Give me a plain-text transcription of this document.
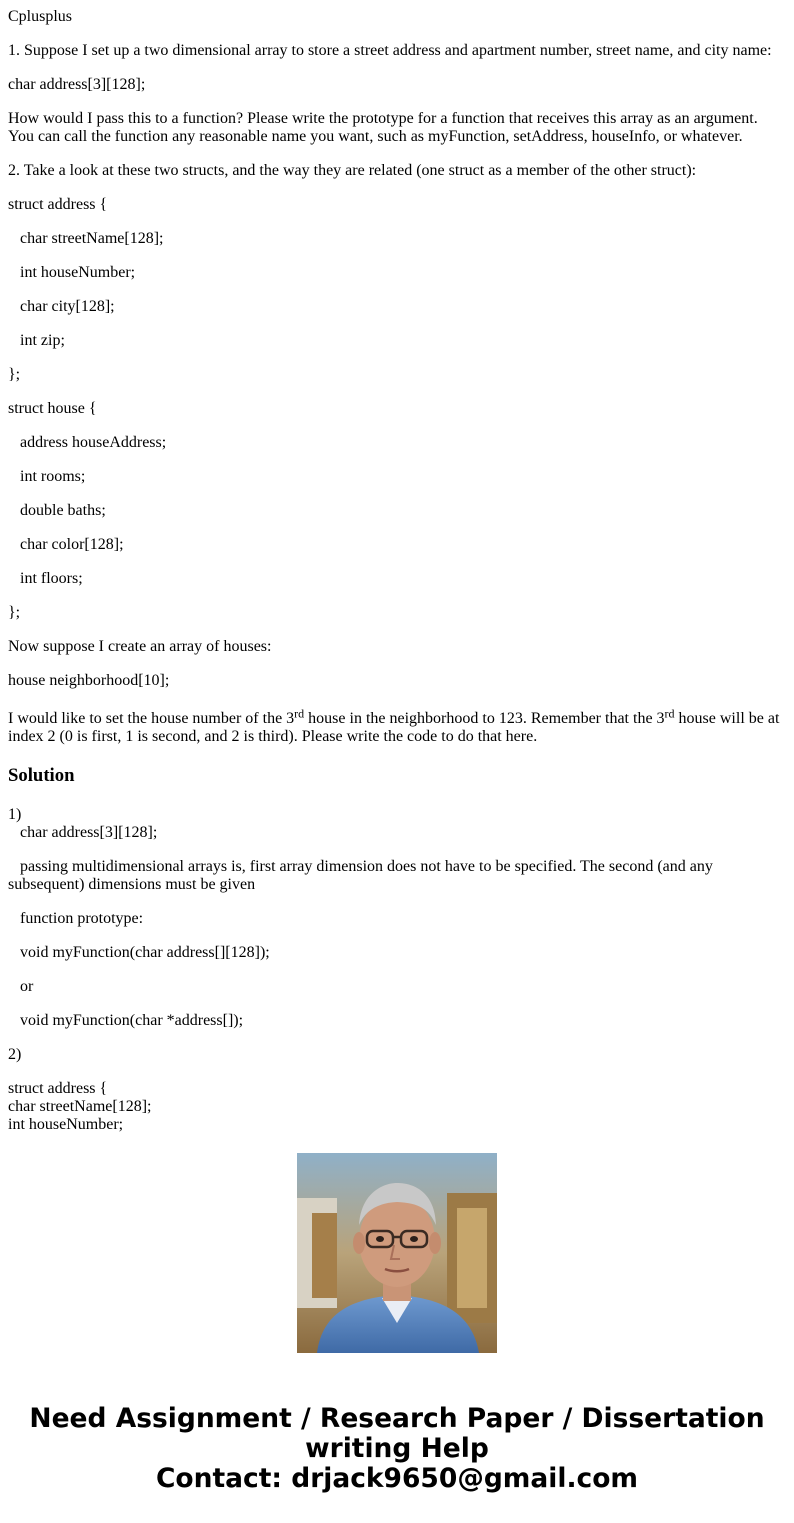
Cplusplus

1. Suppose I set up a two dimensional array to store a street address and apartment number, street name, and city name:

char address[3][128];

How would I pass this to a function? Please write the prototype for a function that receives this array as an argument. You can call the function any reasonable name you want, such as myFunction, setAddress, houseInfo, or whatever.

2. Take a look at these two structs, and the way they are related (one struct as a member of the other struct):

struct address {

char streetName[128];

int houseNumber;

char city[128];

int zip;

};

struct house {

address houseAddress;

int rooms;

double baths;

char color[128];

int floors;

};

Now suppose I create an array of houses:

house neighborhood[10];

I would like to set the house number of the 3rd house in the neighborhood to 123. Remember that the 3rd house will be at index 2 (0 is first, 1 is second, and 2 is third). Please write the code to do that here.

Solution

1)

char address[3][128];

passing multidimensional arrays is, first array dimension does not have to be specified. The second (and any subsequent) dimensions must be given

function prototype:

void myFunction(char address[][128]);

or

void myFunction(char *address[]);

2)

struct address {

char streetName[128];

int houseNumber;

Need Assignment / Research Paper / Dissertation
writing Help
Contact: drjack9650@gmail.com
